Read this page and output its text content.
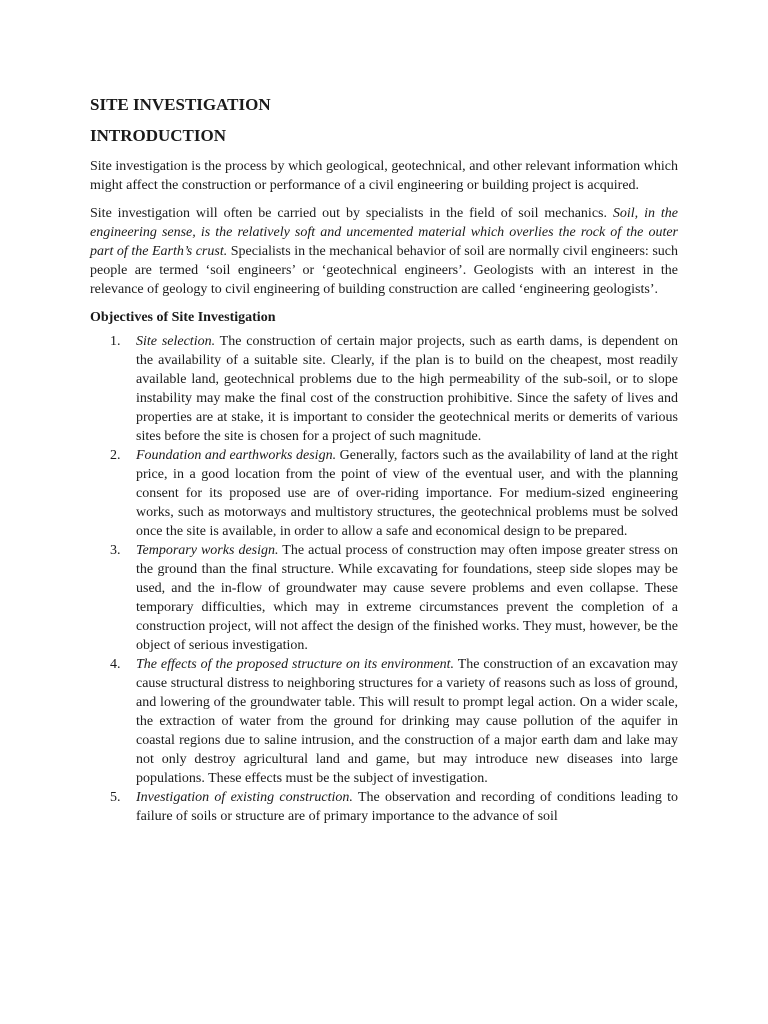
SITE INVESTIGATION
INTRODUCTION

Site investigation is the process by which geological, geotechnical, and other relevant information which might affect the construction or performance of a civil engineering or building project is acquired.

Site investigation will often be carried out by specialists in the field of soil mechanics. Soil, in the engineering sense, is the relatively soft and uncemented material which overlies the rock of the outer part of the Earth’s crust. Specialists in the mechanical behavior of soil are normally civil engineers: such people are termed ‘soil engineers’ or ‘geotechnical engineers’. Geologists with an interest in the relevance of geology to civil engineering of building construction are called ‘engineering geologists’.

Objectives of Site Investigation
1. Site selection. The construction of certain major projects, such as earth dams, is dependent on the availability of a suitable site. Clearly, if the plan is to build on the cheapest, most readily available land, geotechnical problems due to the high permeability of the sub-soil, or to slope instability may make the final cost of the construction prohibitive. Since the safety of lives and properties are at stake, it is important to consider the geotechnical merits or demerits of various sites before the site is chosen for a project of such magnitude.
2. Foundation and earthworks design. Generally, factors such as the availability of land at the right price, in a good location from the point of view of the eventual user, and with the planning consent for its proposed use are of over-riding importance. For medium-sized engineering works, such as motorways and multistory structures, the geotechnical problems must be solved once the site is available, in order to allow a safe and economical design to be prepared.
3. Temporary works design. The actual process of construction may often impose greater stress on the ground than the final structure. While excavating for foundations, steep side slopes may be used, and the in-flow of groundwater may cause severe problems and even collapse. These temporary difficulties, which may in extreme circumstances prevent the completion of a construction project, will not affect the design of the finished works. They must, however, be the object of serious investigation.
4. The effects of the proposed structure on its environment. The construction of an excavation may cause structural distress to neighboring structures for a variety of reasons such as loss of ground, and lowering of the groundwater table. This will result to prompt legal action. On a wider scale, the extraction of water from the ground for drinking may cause pollution of the aquifer in coastal regions due to saline intrusion, and the construction of a major earth dam and lake may not only destroy agricultural land and game, but may introduce new diseases into large populations. These effects must be the subject of investigation.
5. Investigation of existing construction. The observation and recording of conditions leading to failure of soils or structure are of primary importance to the advance of soil
